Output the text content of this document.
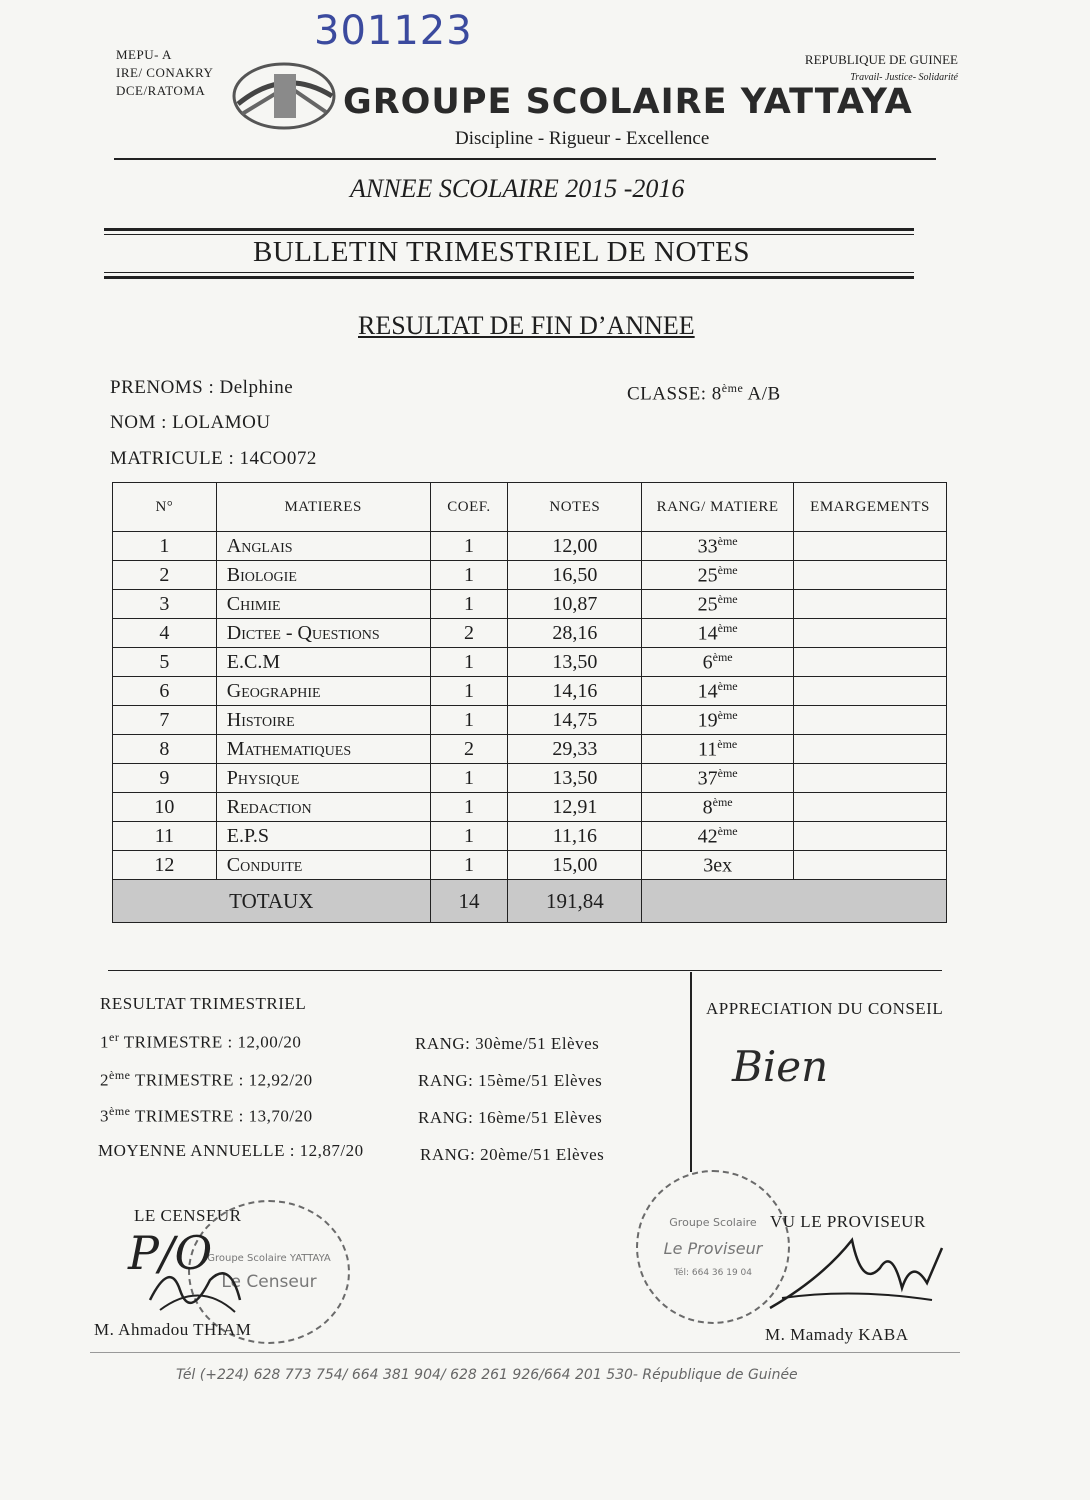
301123
MEPU- A
IRE/ CONAKRY
DCE/RATOMA
REPUBLIQUE DE GUINEE
Travail- Justice- Solidarité
GROUPE SCOLAIRE YATTAYA
Discipline - Rigueur - Excellence
ANNEE SCOLAIRE 2015 -2016
BULLETIN TRIMESTRIEL DE NOTES
RESULTAT DE FIN D’ANNEE
PRENOMS : Delphine
NOM : LOLAMOU
MATRICULE : 14CO072
CLASSE: 8ème A/B
N°	MATIERES	COEF.	NOTES	RANG/ MATIERE	EMARGEMENTS
1	Anglais	1	12,00	33ème	
2	Biologie	1	16,50	25ème	
3	Chimie	1	10,87	25ème	
4	Dictee - Questions	2	28,16	14ème	
5	E.C.M	1	13,50	6ème	
6	Geographie	1	14,16	14ème	
7	Histoire	1	14,75	19ème	
8	Mathematiques	2	29,33	11ème	
9	Physique	1	13,50	37ème	
10	Redaction	1	12,91	8ème	
11	E.P.S	1	11,16	42ème	
12	Conduite	1	15,00	3ex	
TOTAUX		14	191,84		
RESULTAT TRIMESTRIEL
1er TRIMESTRE : 12,00/20	RANG: 30ème/51 Elèves
2ème TRIMESTRE : 12,92/20	RANG: 15ème/51 Elèves
3ème TRIMESTRE : 13,70/20	RANG: 16ème/51 Elèves
MOYENNE ANNUELLE : 12,87/20	RANG: 20ème/51 Elèves
APPRECIATION DU CONSEIL
Bien
LE CENSEUR
Groupe Scolaire YATTAYA
Le Censeur
P/O
M. Ahmadou THIAM
Groupe Scolaire
Le Proviseur
Tél: 664 36 19 04
VU LE PROVISEUR
M. Mamady KABA
Tél (+224) 628 773 754/ 664 381 904/ 628 261 926/664 201 530- République de Guinée
